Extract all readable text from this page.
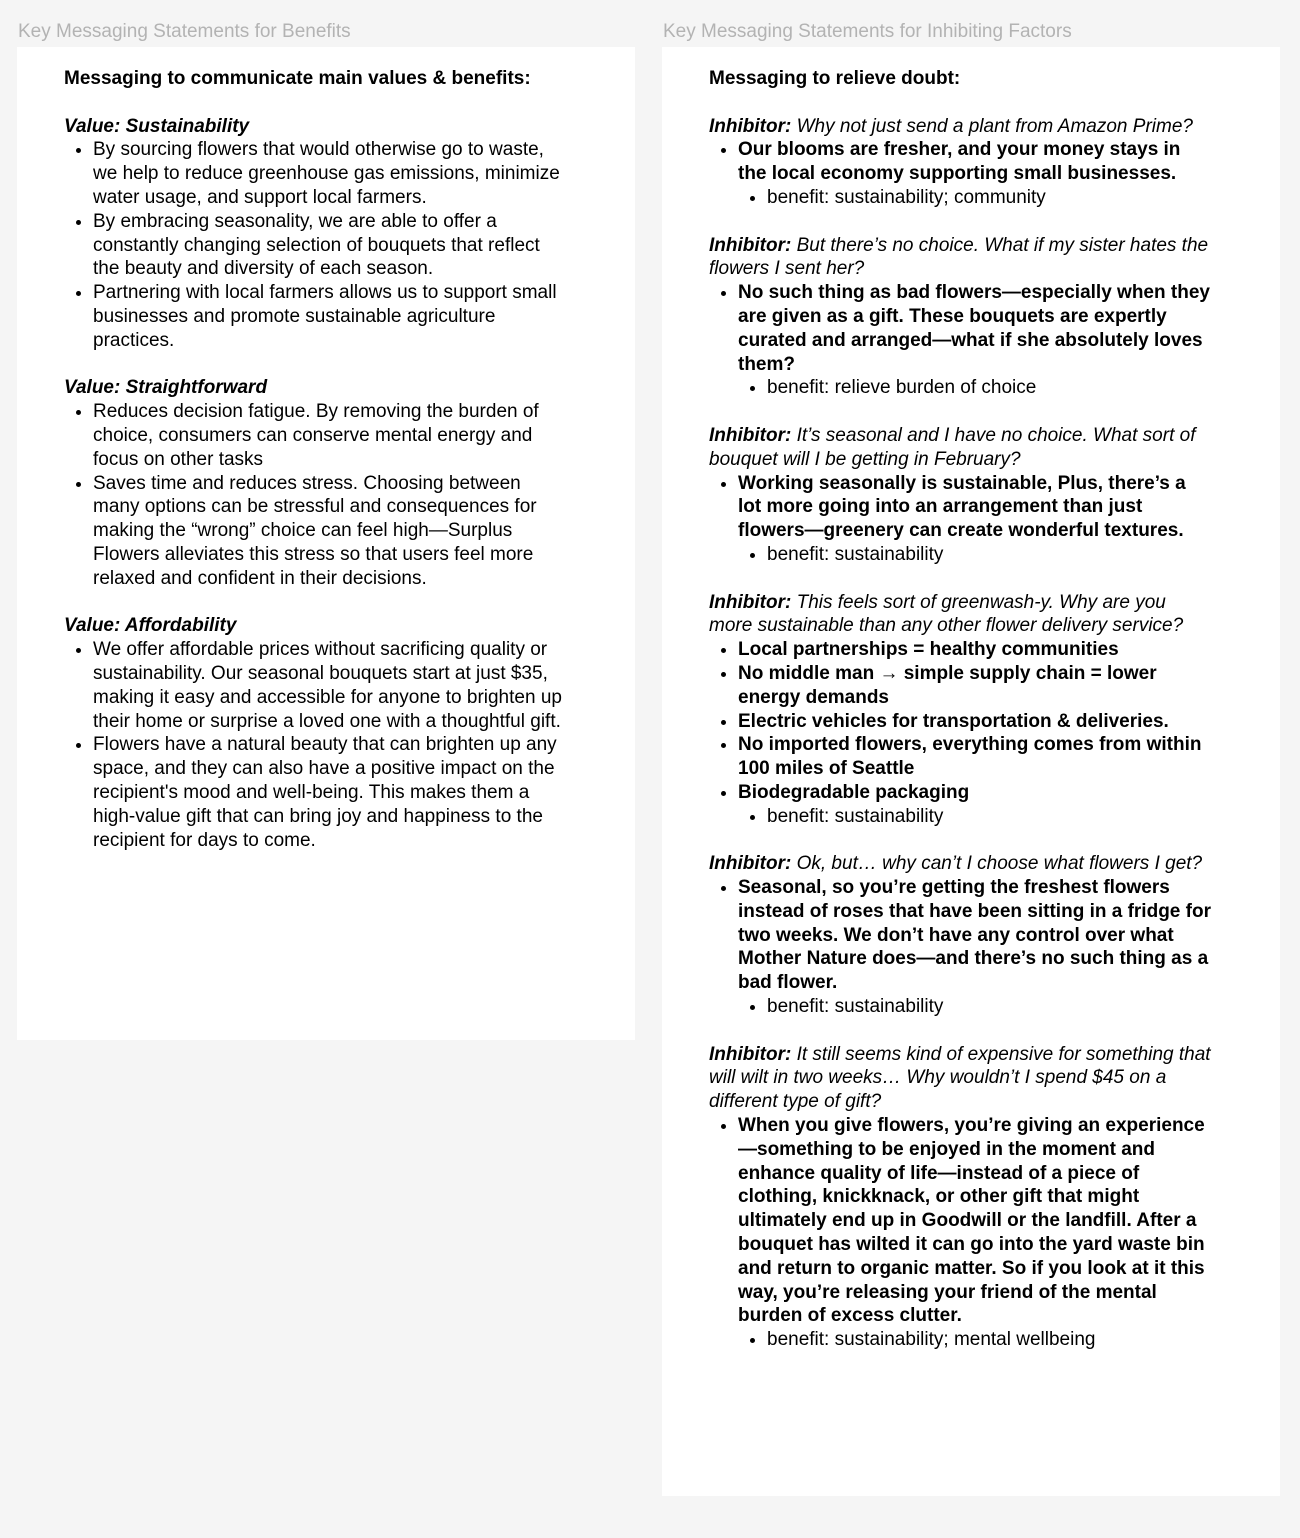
Key Messaging Statements for Benefits

Messaging to communicate main values & benefits:

Value: Sustainability

• By sourcing flowers that would otherwise go to waste, we help to reduce greenhouse gas emissions, minimize water usage, and support local farmers.
• By embracing seasonality, we are able to offer a constantly changing selection of bouquets that reflect the beauty and diversity of each season.
• Partnering with local farmers allows us to support small businesses and promote sustainable agriculture practices.

Value: Straightforward

• Reduces decision fatigue. By removing the burden of choice, consumers can conserve mental energy and focus on other tasks
• Saves time and reduces stress. Choosing between many options can be stressful and consequences for making the “wrong” choice can feel high—Surplus Flowers alleviates this stress so that users feel more relaxed and confident in their decisions.

Value: Affordability

• We offer affordable prices without sacrificing quality or sustainability. Our seasonal bouquets start at just $35, making it easy and accessible for anyone to brighten up their home or surprise a loved one with a thoughtful gift.
• Flowers have a natural beauty that can brighten up any space, and they can also have a positive impact on the recipient's mood and well-being. This makes them a high-value gift that can bring joy and happiness to the recipient for days to come.
Key Messaging Statements for Inhibiting Factors

Messaging to relieve doubt:

Inhibitor: Why not just send a plant from Amazon Prime?

• Our blooms are fresher, and your money stays in the local economy supporting small businesses.
• benefit: sustainability; community

Inhibitor: But there’s no choice. What if my sister hates the flowers I sent her?

• No such thing as bad flowers—especially when they are given as a gift. These bouquets are expertly curated and arranged—what if she absolutely loves them?
• benefit: relieve burden of choice

Inhibitor: It’s seasonal and I have no choice. What sort of bouquet will I be getting in February?

• Working seasonally is sustainable, Plus, there’s a lot more going into an arrangement than just flowers—greenery can create wonderful textures.
• benefit: sustainability

Inhibitor: This feels sort of greenwash-y. Why are you more sustainable than any other flower delivery service?

• Local partnerships = healthy communities
• No middle man → simple supply chain = lower energy demands
• Electric vehicles for transportation & deliveries.
• No imported flowers, everything comes from within 100 miles of Seattle
• Biodegradable packaging
• benefit: sustainability

Inhibitor: Ok, but… why can’t I choose what flowers I get?

• Seasonal, so you’re getting the freshest flowers instead of roses that have been sitting in a fridge for two weeks. We don’t have any control over what Mother Nature does—and there’s no such thing as a bad flower.
• benefit: sustainability

Inhibitor: It still seems kind of expensive for something that will wilt in two weeks… Why wouldn’t I spend $45 on a different type of gift?

• When you give flowers, you’re giving an experience—something to be enjoyed in the moment and enhance quality of life—instead of a piece of clothing, knickknack, or other gift that might ultimately end up in Goodwill or the landfill. After a bouquet has wilted it can go into the yard waste bin and return to organic matter. So if you look at it this way, you’re releasing your friend of the mental burden of excess clutter.
• benefit: sustainability; mental wellbeing
